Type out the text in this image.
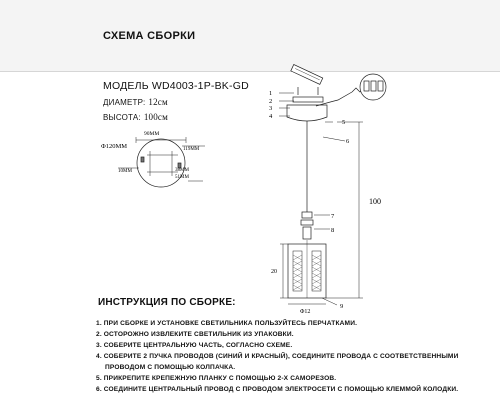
СХЕМА СБОРКИ
МОДЕЛЬ WD4003-1P-BK-GD
ДИАМЕТР: 12см
ВЫСОТА: 100см
Φ120MM
90MM
119MM
10MM	38MM
51MM
1
2
3
4
5
6
7
8
9
100
20
Φ12
ИНСТРУКЦИЯ ПО СБОРКЕ:
1. ПРИ СБОРКЕ И УСТАНОВКЕ СВЕТИЛЬНИКА ПОЛЬЗУЙТЕСЬ ПЕРЧАТКАМИ.
2. ОСТОРОЖНО ИЗВЛЕКИТЕ СВЕТИЛЬНИК ИЗ УПАКОВКИ.
3. СОБЕРИТЕ ЦЕНТРАЛЬНУЮ ЧАСТЬ, СОГЛАСНО СХЕМЕ.
4. СОБЕРИТЕ 2 ПУЧКА ПРОВОДОВ (СИНИЙ И КРАСНЫЙ), СОЕДИНИТЕ ПРОВОДА С СООТВЕТСТВЕННЫМИ
ПРОВОДОМ С ПОМОЩЬЮ КОЛПАЧКА.
5. ПРИКРЕПИТЕ КРЕПЕЖНУЮ ПЛАНКУ С ПОМОЩЬЮ 2-Х САМОРЕЗОВ.
6. СОЕДИНИТЕ ЦЕНТРАЛЬНЫЙ ПРОВОД С ПРОВОДОМ ЭЛЕКТРОСЕТИ С ПОМОЩЬЮ КЛЕММОЙ КОЛОДКИ.
